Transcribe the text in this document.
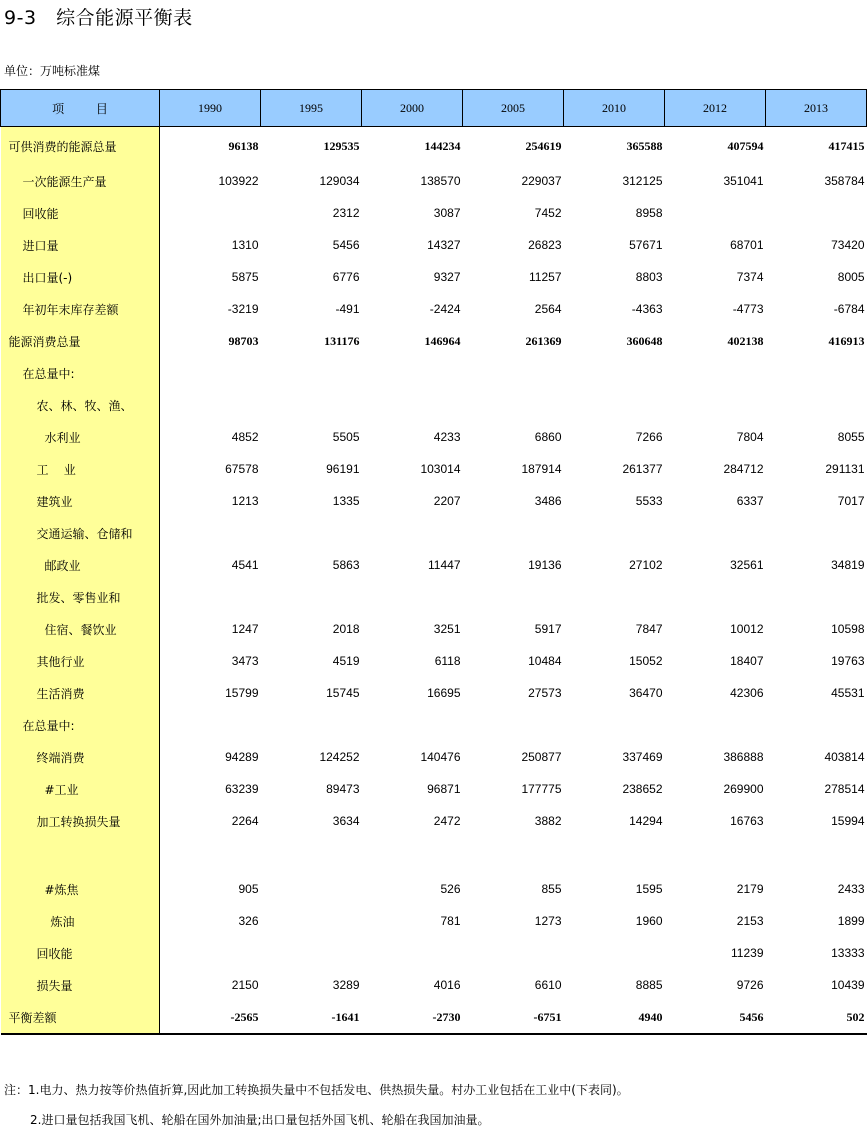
9-3   综合能源平衡表
单位：万吨标准煤
项 目	1990	1995	2000	2005	2010	2012	2013
可供消费的能源总量	96138	129535	144234	254619	365588	407594	417415
一次能源生产量	103922	129034	138570	229037	312125	351041	358784
回收能		2312	3087	7452	8958		
进口量	1310	5456	14327	26823	57671	68701	73420
出口量(-)	5875	6776	9327	11257	8803	7374	8005
年初年末库存差额	-3219	-491	-2424	2564	-4363	-4773	-6784
能源消费总量	98703	131176	146964	261369	360648	402138	416913
在总量中:							
农、林、牧、渔、							
水利业	4852	5505	4233	6860	7266	7804	8055
工    业	67578	96191	103014	187914	261377	284712	291131
建筑业	1213	1335	2207	3486	5533	6337	7017
交通运输、仓储和							
邮政业	4541	5863	11447	19136	27102	32561	34819
批发、零售业和							
住宿、餐饮业	1247	2018	3251	5917	7847	10012	10598
其他行业	3473	4519	6118	10484	15052	18407	19763
生活消费	15799	15745	16695	27573	36470	42306	45531
在总量中:							
终端消费	94289	124252	140476	250877	337469	386888	403814
#工业	63239	89473	96871	177775	238652	269900	278514
加工转换损失量	2264	3634	2472	3882	14294	16763	15994

#炼焦	905		526	855	1595	2179	2433
炼油	326		781	1273	1960	2153	1899
回收能						11239	13333
损失量	2150	3289	4016	6610	8885	9726	10439
平衡差额	-2565	-1641	-2730	-6751	4940	5456	502
注：1.电力、热力按等价热值折算,因此加工转换损失量中不包括发电、供热损失量。村办工业包括在工业中(下表同)。
2.进口量包括我国飞机、轮船在国外加油量;出口量包括外国飞机、轮船在我国加油量。
